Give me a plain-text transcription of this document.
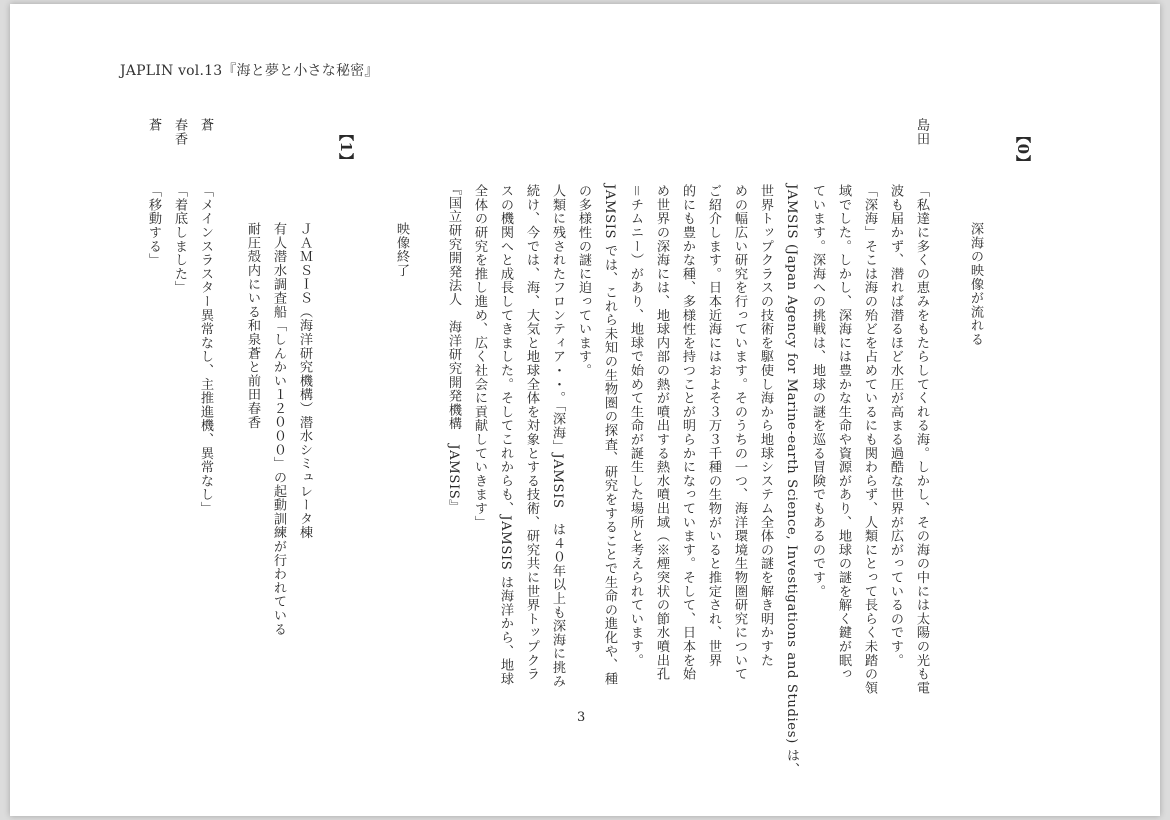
JAPLIN vol.13『海と夢と小さな秘密』
【0】
深海の映像が流れる
島田
「私達に多くの恵みをもたらしてくれる海。しかし、その海の中には太陽の光も電
波も届かず、潜れば潜るほど水圧が高まる過酷な世界が広がっているのです。
「深海」そこは海の殆どを占めているにも関わらず、人類にとって長らく未踏の領
域でした。しかし、深海には豊かな生命や資源があり、地球の謎を解く鍵が眠っ
ています。深海への挑戦は、地球の謎を巡る冒険でもあるのです。
JAMSIS (Japan Agency for Marine-earth Science, Investigations and Studies) は、
世界トップクラスの技術を駆使し海から地球システム全体の謎を解き明かすた
めの幅広い研究を行っています。そのうちの一つ、海洋環境生物圏研究について
ご紹介します。日本近海にはおよそ３万３千種の生物がいると推定され、世界
的にも豊かな種、多様性を持つことが明らかになっています。そして、日本を始
め世界の深海には、地球内部の熱が噴出する熱水噴出域（※煙突状の節水噴出孔
＝チムニー）があり、地球で始めて生命が誕生した場所と考えられています。
JAMSIS では、これら未知の生物圏の探査、研究をすることで生命の進化や、種
の多様性の謎に迫っています。
人類に残されたフロンティア・・。「深海」JAMSIS　は４０年以上も深海に挑み
続け、今では、海、大気と地球全体を対象とする技術、研究共に世界トップクラ
スの機関へと成長してきました。そしてこれからも、JAMSIS は海洋から、地球
全体の研究を推し進め、広く社会に貢献していきます」
『国立研究開発法人　海洋研究開発機構　JAMSIS』
映像終了
【1】
ＪＡＭＳＩＳ（海洋研究機構）潜水シミュレータ棟
有人潜水調査船「しんかい１２０００」の起動訓練が行われている
耐圧殻内にいる和泉蒼と前田春香
蒼
「メインスラスター異常なし、主推進機、異常なし」
春香
「着底しました」
蒼
「移動する」
3
